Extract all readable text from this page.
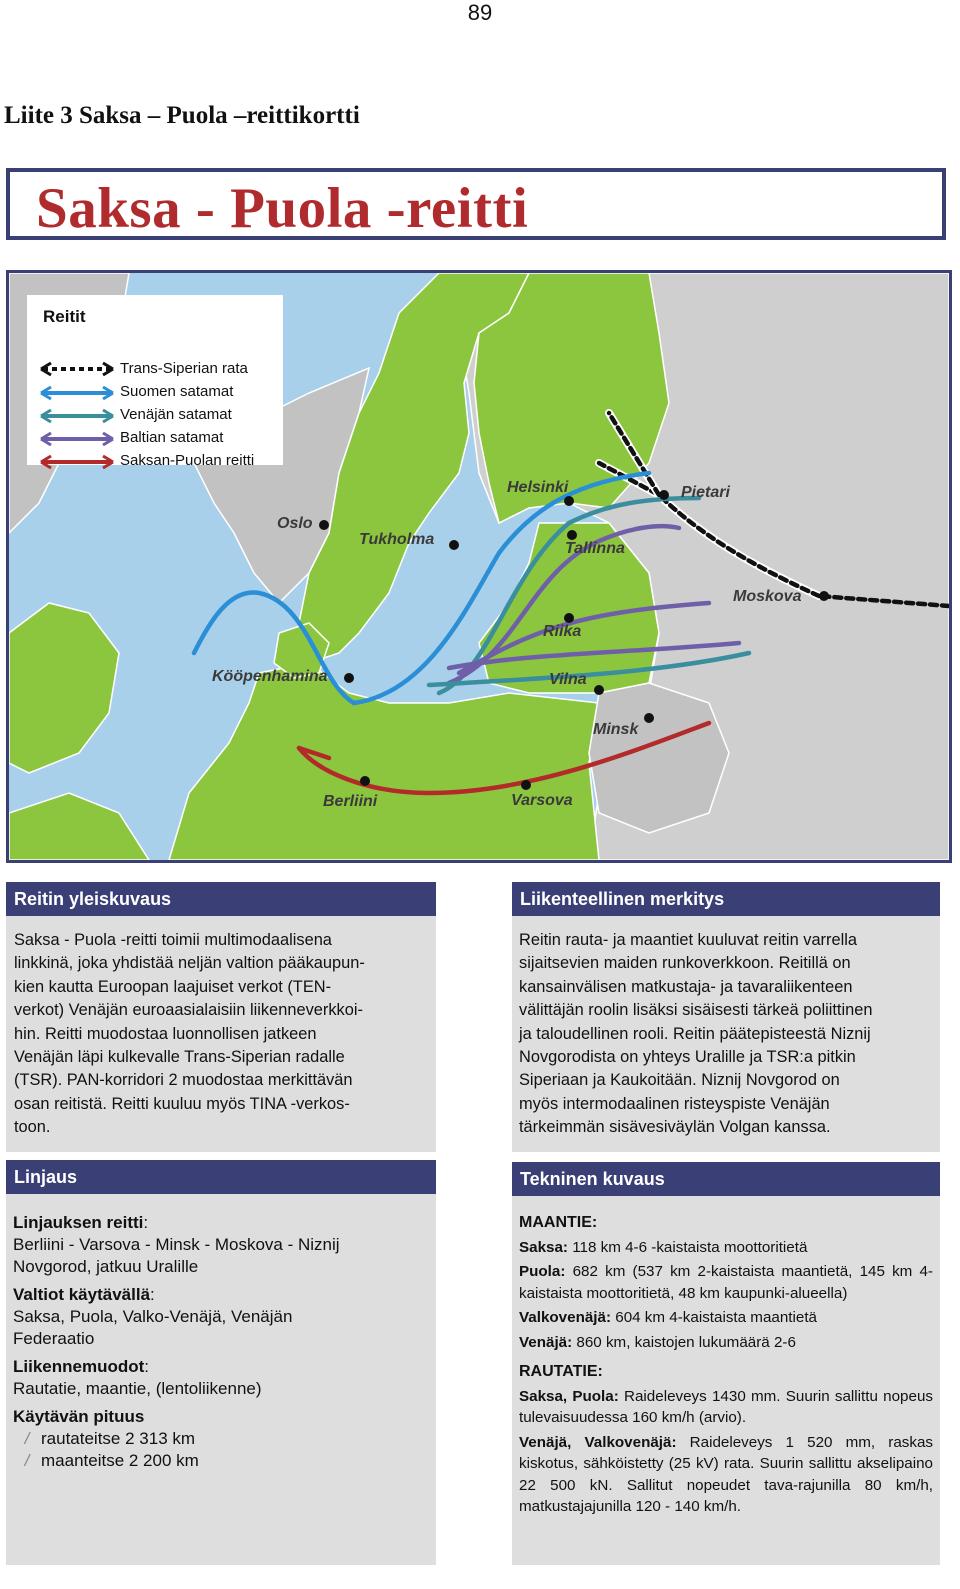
89
Liite 3 Saksa – Puola –reittikortti
Saksa - Puola -reitti
Reitit
Trans-Siperian rata
Suomen satamat
Venäjän satamat
Baltian satamat
Saksan-Puolan reitti
Oslo
Tukholma
Helsinki	Pietari
Tallinna
Moskova
Riika
Kööpenhamina	Vilna
Minsk
Berliini	Varsova
Reitin yleiskuvaus
Saksa - Puola -reitti toimii multimodaalisena
linkkinä, joka yhdistää neljän valtion pääkaupun-
kien kautta Euroopan laajuiset verkot (TEN-
verkot) Venäjän euroaasialaisiin liikenneverkkoi-
hin. Reitti muodostaa luonnollisen jatkeen
Venäjän läpi kulkevalle Trans-Siperian radalle
(TSR). PAN-korridori 2 muodostaa merkittävän
osan reitistä. Reitti kuuluu myös TINA -verkos-
toon.
Linjaus
Linjauksen reitti:
Berliini - Varsova - Minsk - Moskova - Niznij
Novgorod, jatkuu Uralille
Valtiot käytävällä:
Saksa, Puola, Valko-Venäjä, Venäjän
Federaatio
Liikennemuodot:
Rautatie, maantie, (lentoliikenne)
Käytävän pituus
/ rautateitse 2 313 km
/ maanteitse 2 200 km
Liikenteellinen merkitys
Reitin rauta- ja maantiet kuuluvat reitin varrella
sijaitsevien maiden runkoverkkoon. Reitillä on
kansainvälisen matkustaja- ja tavaraliikenteen
välittäjän roolin lisäksi sisäisesti tärkeä poliittinen
ja taloudellinen rooli. Reitin päätepisteestä Niznij
Novgorodista on yhteys Uralille ja TSR:a pitkin
Siperiaan ja Kaukoitään. Niznij Novgorod on
myös intermodaalinen risteyspiste Venäjän
tärkeimmän sisävesiväylän Volgan kanssa.
Tekninen kuvaus
MAANTIE:
Saksa: 118 km 4-6 -kaistaista moottoritietä
Puola: 682 km (537 km 2-kaistaista maantietä, 145 km 4-kaistaista moottoritietä, 48 km kaupunki-alueella)
Valkovenäjä: 604 km 4-kaistaista maantietä
Venäjä: 860 km, kaistojen lukumäärä 2-6
RAUTATIE:
Saksa, Puola: Raideleveys 1430 mm. Suurin sallittu nopeus tulevaisuudessa 160 km/h (arvio).
Venäjä, Valkovenäjä: Raideleveys 1 520 mm, raskas kiskotus, sähköistetty (25 kV) rata. Suurin sallittu akselipaino 22 500 kN. Sallitut nopeudet tava-rajunilla 80 km/h, matkustajajunilla 120 - 140 km/h.
